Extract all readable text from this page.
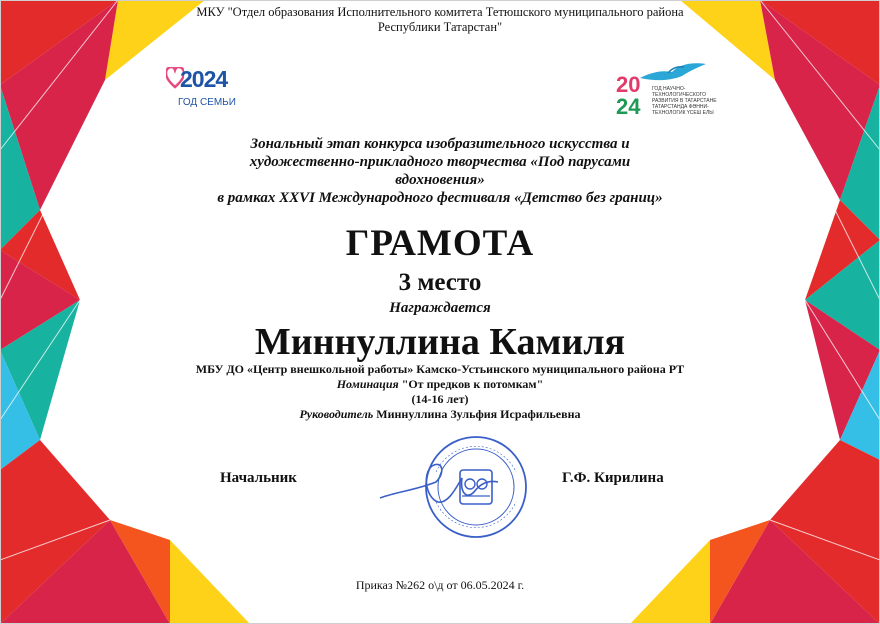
МКУ "Отдел образования Исполнительного комитета Тетюшского муниципального района
Республики Татарстан"
2024
ГОД СЕМЬИ
20
24
ГОД НАУЧНО-ТЕХНОЛОГИЧЕСКОГО РАЗВИТИЯ В ТАТАРСТАНЕ ТАТАРСТАНДА ФӘННИ-ТЕХНОЛОГИК ҮСЕШ ЕЛЫ
Зональный этап конкурса изобразительного искусства и
художественно-прикладного творчества «Под парусами
вдохновения»
в рамках XXVI Международного фестиваля «Детство без границ»
ГРАМОТА
3 место
Награждается
Миннуллина Камиля
МБУ ДО «Центр внешкольной работы» Камско-Устьинского муниципального района РТ
Номинация "От предков к потомкам"
(14-16 лет)
Руководитель Миннуллина Зульфия Исрафильевна
Начальник	Г.Ф. Кирилина
Приказ №262 о\д от 06.05.2024 г.
